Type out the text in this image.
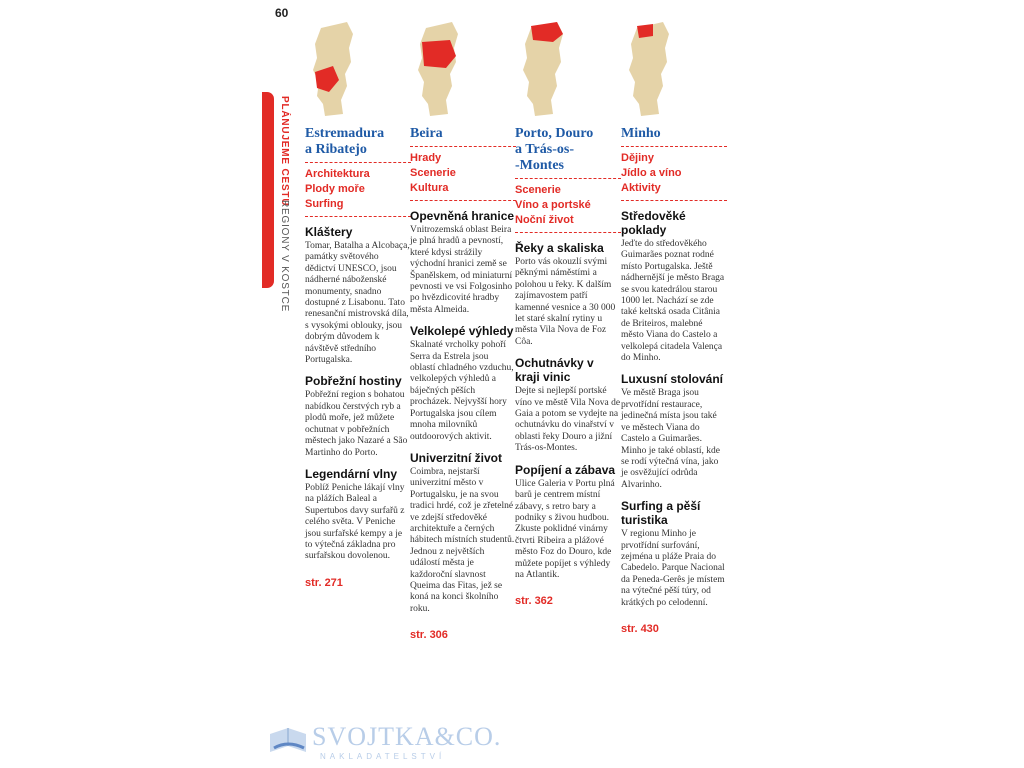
60
PLÁNUJEME CESTU
REGIONY V KOSTCE
Estremadura
a Ribatejo

Architektura

Plody moře

Surfing

Kláštery

Tomar, Batalha a Alcobaça, památky světového dědictví UNESCO, jsou nádherné náboženské monumenty, snadno dostupné z Lisabonu. Tato renesanční mistrovská díla, s vysokými oblouky, jsou dobrým důvodem k návštěvě středního Portugalska.

Pobřežní hostiny

Pobřežní region s bohatou nabídkou čerstvých ryb a plodů moře, jež můžete ochutnat v pobřežních městech jako Nazaré a São Martinho do Porto.

Legendární vlny

Poblíž Peniche lákají vlny na plážích Baleal a Supertubos davy surfařů z celého světa. V Peniche jsou surfařské kempy a je to výtečná základna pro surfařskou dovolenou.

str. 271
Beira

Hrady

Scenerie

Kultura

Opevněná hranice

Vnitrozemská oblast Beira je plná hradů a pevností, které kdysi strážily východní hranici země se Španělskem, od miniaturní pevnosti ve vsi Folgosinho po hvězdicovité hradby města Almeida.

Velkolepé výhledy

Skalnaté vrcholky pohoří Serra da Estrela jsou oblastí chladného vzduchu, velkolepých výhledů a báječných pěších procházek. Nejvyšší hory Portugalska jsou cílem mnoha milovníků outdoorových aktivit.

Univerzitní život

Coimbra, nejstarší univerzitní město v Portugalsku, je na svou tradici hrdé, což je zřetelné ve zdejší středověké architektuře a černých hábitech místních studentů. Jednou z největších událostí města je každoroční slavnost Queima das Fitas, jež se koná na konci školního roku.

str. 306
Porto, Douro
a Trás-os-
-Montes

Scenerie

Víno a portské

Noční život

Řeky a skaliska

Porto vás okouzlí svými pěknými náměstími a polohou u řeky. K dalším zajímavostem patří kamenné vesnice a 30 000 let staré skalní rytiny u města Vila Nova de Foz Côa.

Ochutnávky v kraji vinic

Dejte si nejlepší portské víno ve městě Vila Nova de Gaia a potom se vydejte na ochutnávku do vinařství v oblasti řeky Douro a jižní Trás-os-Montes.

Popíjení a zábava

Ulice Galeria v Portu plná barů je centrem místní zábavy, s retro bary a podniky s živou hudbou. Zkuste poklidné vinárny čtvrti Ribeira a plážové město Foz do Douro, kde můžete popíjet s výhledy na Atlantik.

str. 362
Minho

Dějiny

Jídlo a víno

Aktivity

Středověké poklady

Jeďte do středověkého Guimarães poznat rodné místo Portugalska. Ještě nádhernější je město Braga se svou katedrálou starou 1000 let. Nachází se zde také keltská osada Citânia de Briteiros, malebné město Viana do Castelo a velkolepá citadela Valença do Minho.

Luxusní stolování

Ve městě Braga jsou prvotřídní restaurace, jedinečná místa jsou také ve městech Viana do Castelo a Guimarães. Minho je také oblastí, kde se rodí výtečná vína, jako je osvěžující odrůda Alvarinho.

Surfing a pěší turistika

V regionu Minho je prvotřídní surfování, zejména u pláže Praia do Cabedelo. Parque Nacional da Peneda-Gerês je místem na výtečné pěší túry, od krátkých po celodenní.

str. 430
SVOJTKA&CO.
NAKLADATELSTVÍ
